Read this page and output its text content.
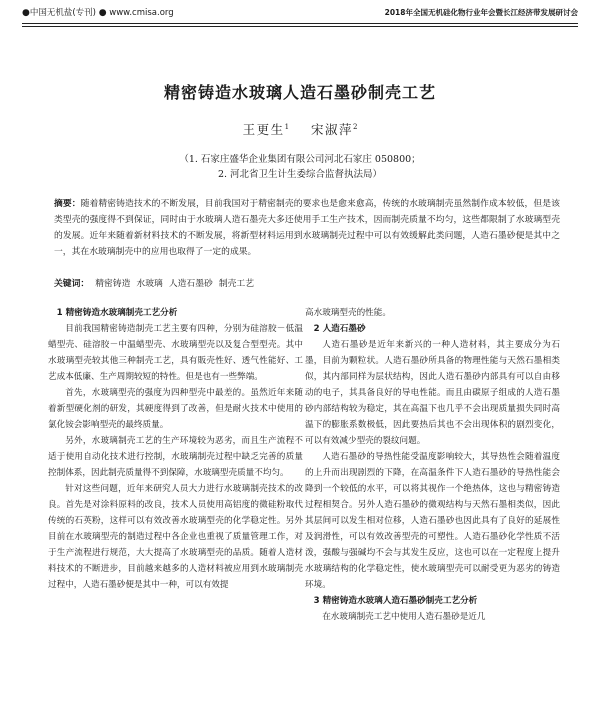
●中国无机盐(专刊) ● www.cmisa.org	2018年全国无机硅化物行业年会暨长江经济带发展研讨会
精密铸造水玻璃人造石墨砂制壳工艺
王更生$^1$ 宋淑萍$^2$
（1. 石家庄盛华企业集团有限公司河北石家庄 050800；
2. 河北省卫生计生委综合监督执法局）
摘要：随着精密铸造技术的不断发展，目前我国对于精密制壳的要求也是愈来愈高，传统的水玻璃制壳虽然制作成本较低，但是该类型壳的强度得不到保证，同时由于水玻璃人造石墨壳大多还使用手工生产技术，因而制壳质量不均匀，这些都限制了水玻璃型壳的发展。近年来随着新材料技术的不断发展，将新型材料运用到水玻璃制壳过程中可以有效缓解此类问题，人造石墨砂便是其中之一，其在水玻璃制壳中的应用也取得了一定的成果。
关键词： 精密铸造 水玻璃 人造石墨砂 制壳工艺

1 精密铸造水玻璃制壳工艺分析

目前我国精密铸造制壳工艺主要有四种，分别为硅溶胶－低温蜡型壳、硅溶胶－中温蜡型壳、水玻璃型壳以及复合型型壳。其中水玻璃型壳较其他三种制壳工艺，具有販壳性好、透气性能好、工艺成本低廉、生产周期较短的特性。但是也有一些弊端。

首先，水玻璃型壳的强度为四种型壳中最差的。虽然近年来随着新型硬化剂的研发，其硬度得到了改善，但是耐火技术中使用的氯化铵会影响型壳的最终质量。

另外，水玻璃制壳工艺的生产环境较为恶劣，而且生产流程不适于使用自动化技术进行控制，水玻璃制壳过程中缺乏完善的质量控制体系，因此制壳质量得不到保障，水玻璃型壳质量不均匀。

针对这些问题，近年来研究人员大力进行水玻璃制壳技术的改良。首先是对涂料原料的改良，技术人员使用高铝度的微硅粉取代传统的石英粉，这样可以有效改善水玻璃型壳的化学稳定性。另外目前在水玻璃型壳的制造过程中各企业也重视了质量管理工作，对于生产流程进行规范，大大提高了水玻璃型壳的品质。随着人造材料技术的不断进步，目前越来越多的人造材料被应用到水玻璃制壳过程中，人造石墨砂便是其中一种，可以有效提

高水玻璃型壳的性能。

2 人造石墨砂

人造石墨砂是近年来新兴的一种人造材料，其主要成分为石墨，目前为颗粒状。人造石墨砂所具备的物理性能与天然石墨相类似，其内部同样为层状结构，因此人造石墨砂内部具有可以自由移动的电子，其具备良好的导电性能。而且由碳原子组成的人造石墨砂内部结构较为稳定，其在高温下也几乎不会出现质量损失同时高温下的膨胀系数极低，因此要热后其也不会出现体积的剧烈变化，可以有效减少型壳的裂纹问题。

人造石墨砂的导热性能受温度影响较大，其导热性会随着温度的上升而出现剧烈的下降，在高温条件下人造石墨砂的导热性能会降到一个较低的水平，可以将其视作一个绝热体，这也与精密铸造过程相契合。另外人造石墨砂的微观结构与天然石墨相类似，因此其层间可以发生相对位移，人造石墨砂也因此具有了良好的延展性及润滑性，可以有效改善型壳的可塑性。人造石墨砂化学性质不活泼，强酸与强碱均不会与其发生反应，这也可以在一定程度上提升水玻璃结构的化学稳定性，使水玻璃型壳可以耐受更为恶劣的铸造环境。

3 精密铸造水玻璃人造石墨砂制壳工艺分析

在水玻璃制壳工艺中使用人造石墨砂是近几
